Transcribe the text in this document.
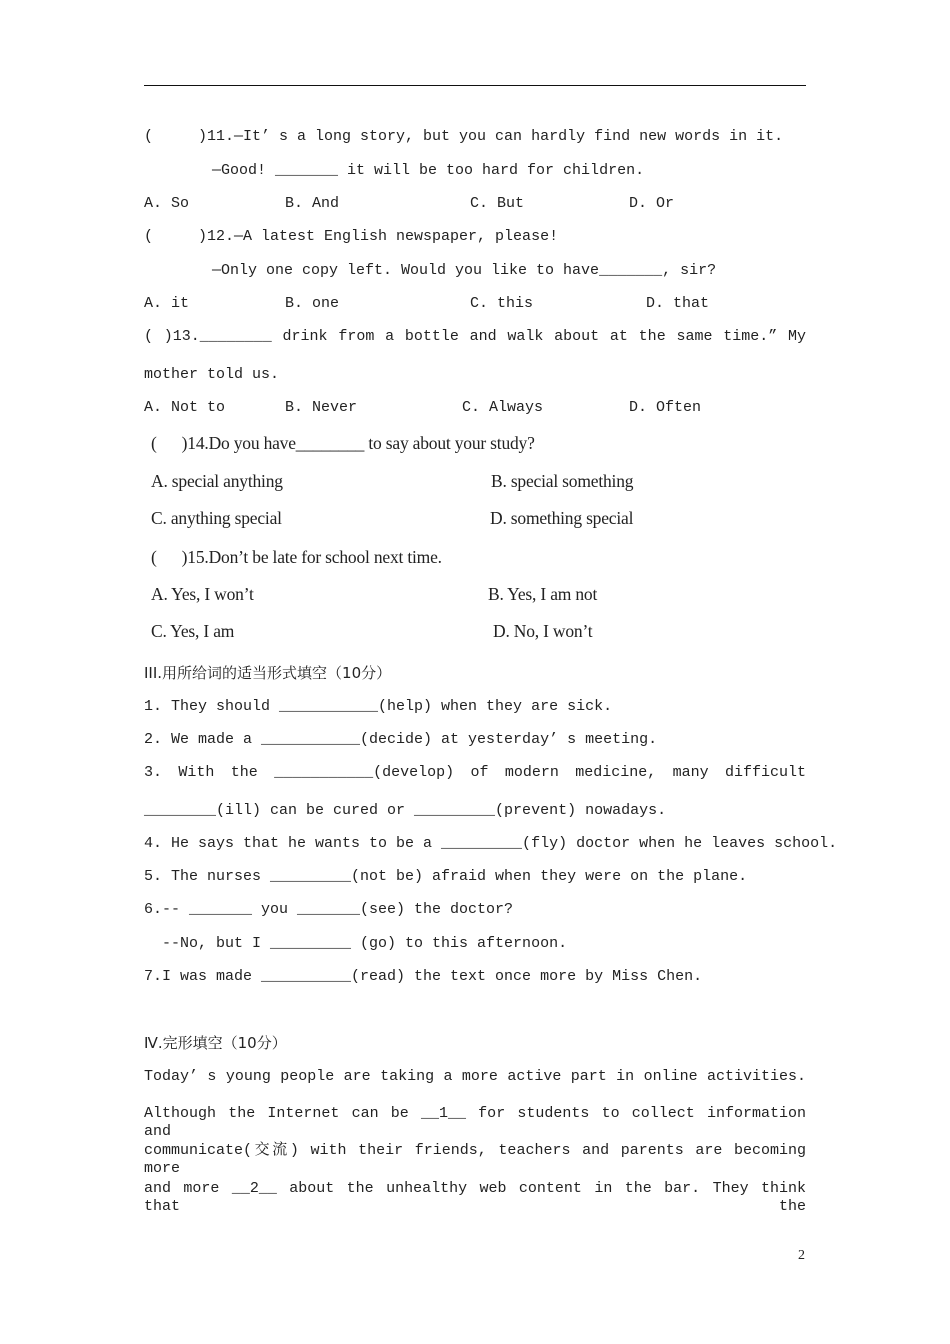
(     )11.—It’ s a long story, but you can hardly find new words in it.
—Good! _______ it will be too hard for children.
A. So	B. And	C. But	D. Or
(     )12.—A latest English newspaper, please!
—Only one copy left. Would you like to have_______, sir?
A. it	B. one	C. this	D. that
( )13.________ drink from a bottle and walk about at the same time.” My
mother told us.
A. Not to	B. Never	C. Always	D. Often
(      )14.Do you have________ to say about your study?
A. special anything	B. special something
C. anything special	D. something special
(      )15.Don’t be late for school next time.
A. Yes, I won’t	B. Yes, I am not
C. Yes, I am	D. No, I won’t
III.用所给词的适当形式填空（10分）
1. They should ___________(help) when they are sick.
2. We made a ___________(decide) at yesterday’ s meeting.
3. With the ___________(develop) of modern medicine, many difficult
________(ill) can be cured or _________(prevent) nowadays.
4. He says that he wants to be a _________(fly) doctor when he leaves school.
5. The nurses _________(not be) afraid when they were on the plane.
6.-- _______ you _______(see) the doctor?
--No, but I _________ (go) to this afternoon.
7.I was made __________(read) the text once more by Miss Chen.
Ⅳ.完形填空（10分）
Today’ s young people are taking a more active part in online activities.
Although the Internet can be __1__ for students to collect information and
communicate(交流) with their friends, teachers and parents are becoming more
and more __2__ about the unhealthy web content in the bar. They think that the
2
